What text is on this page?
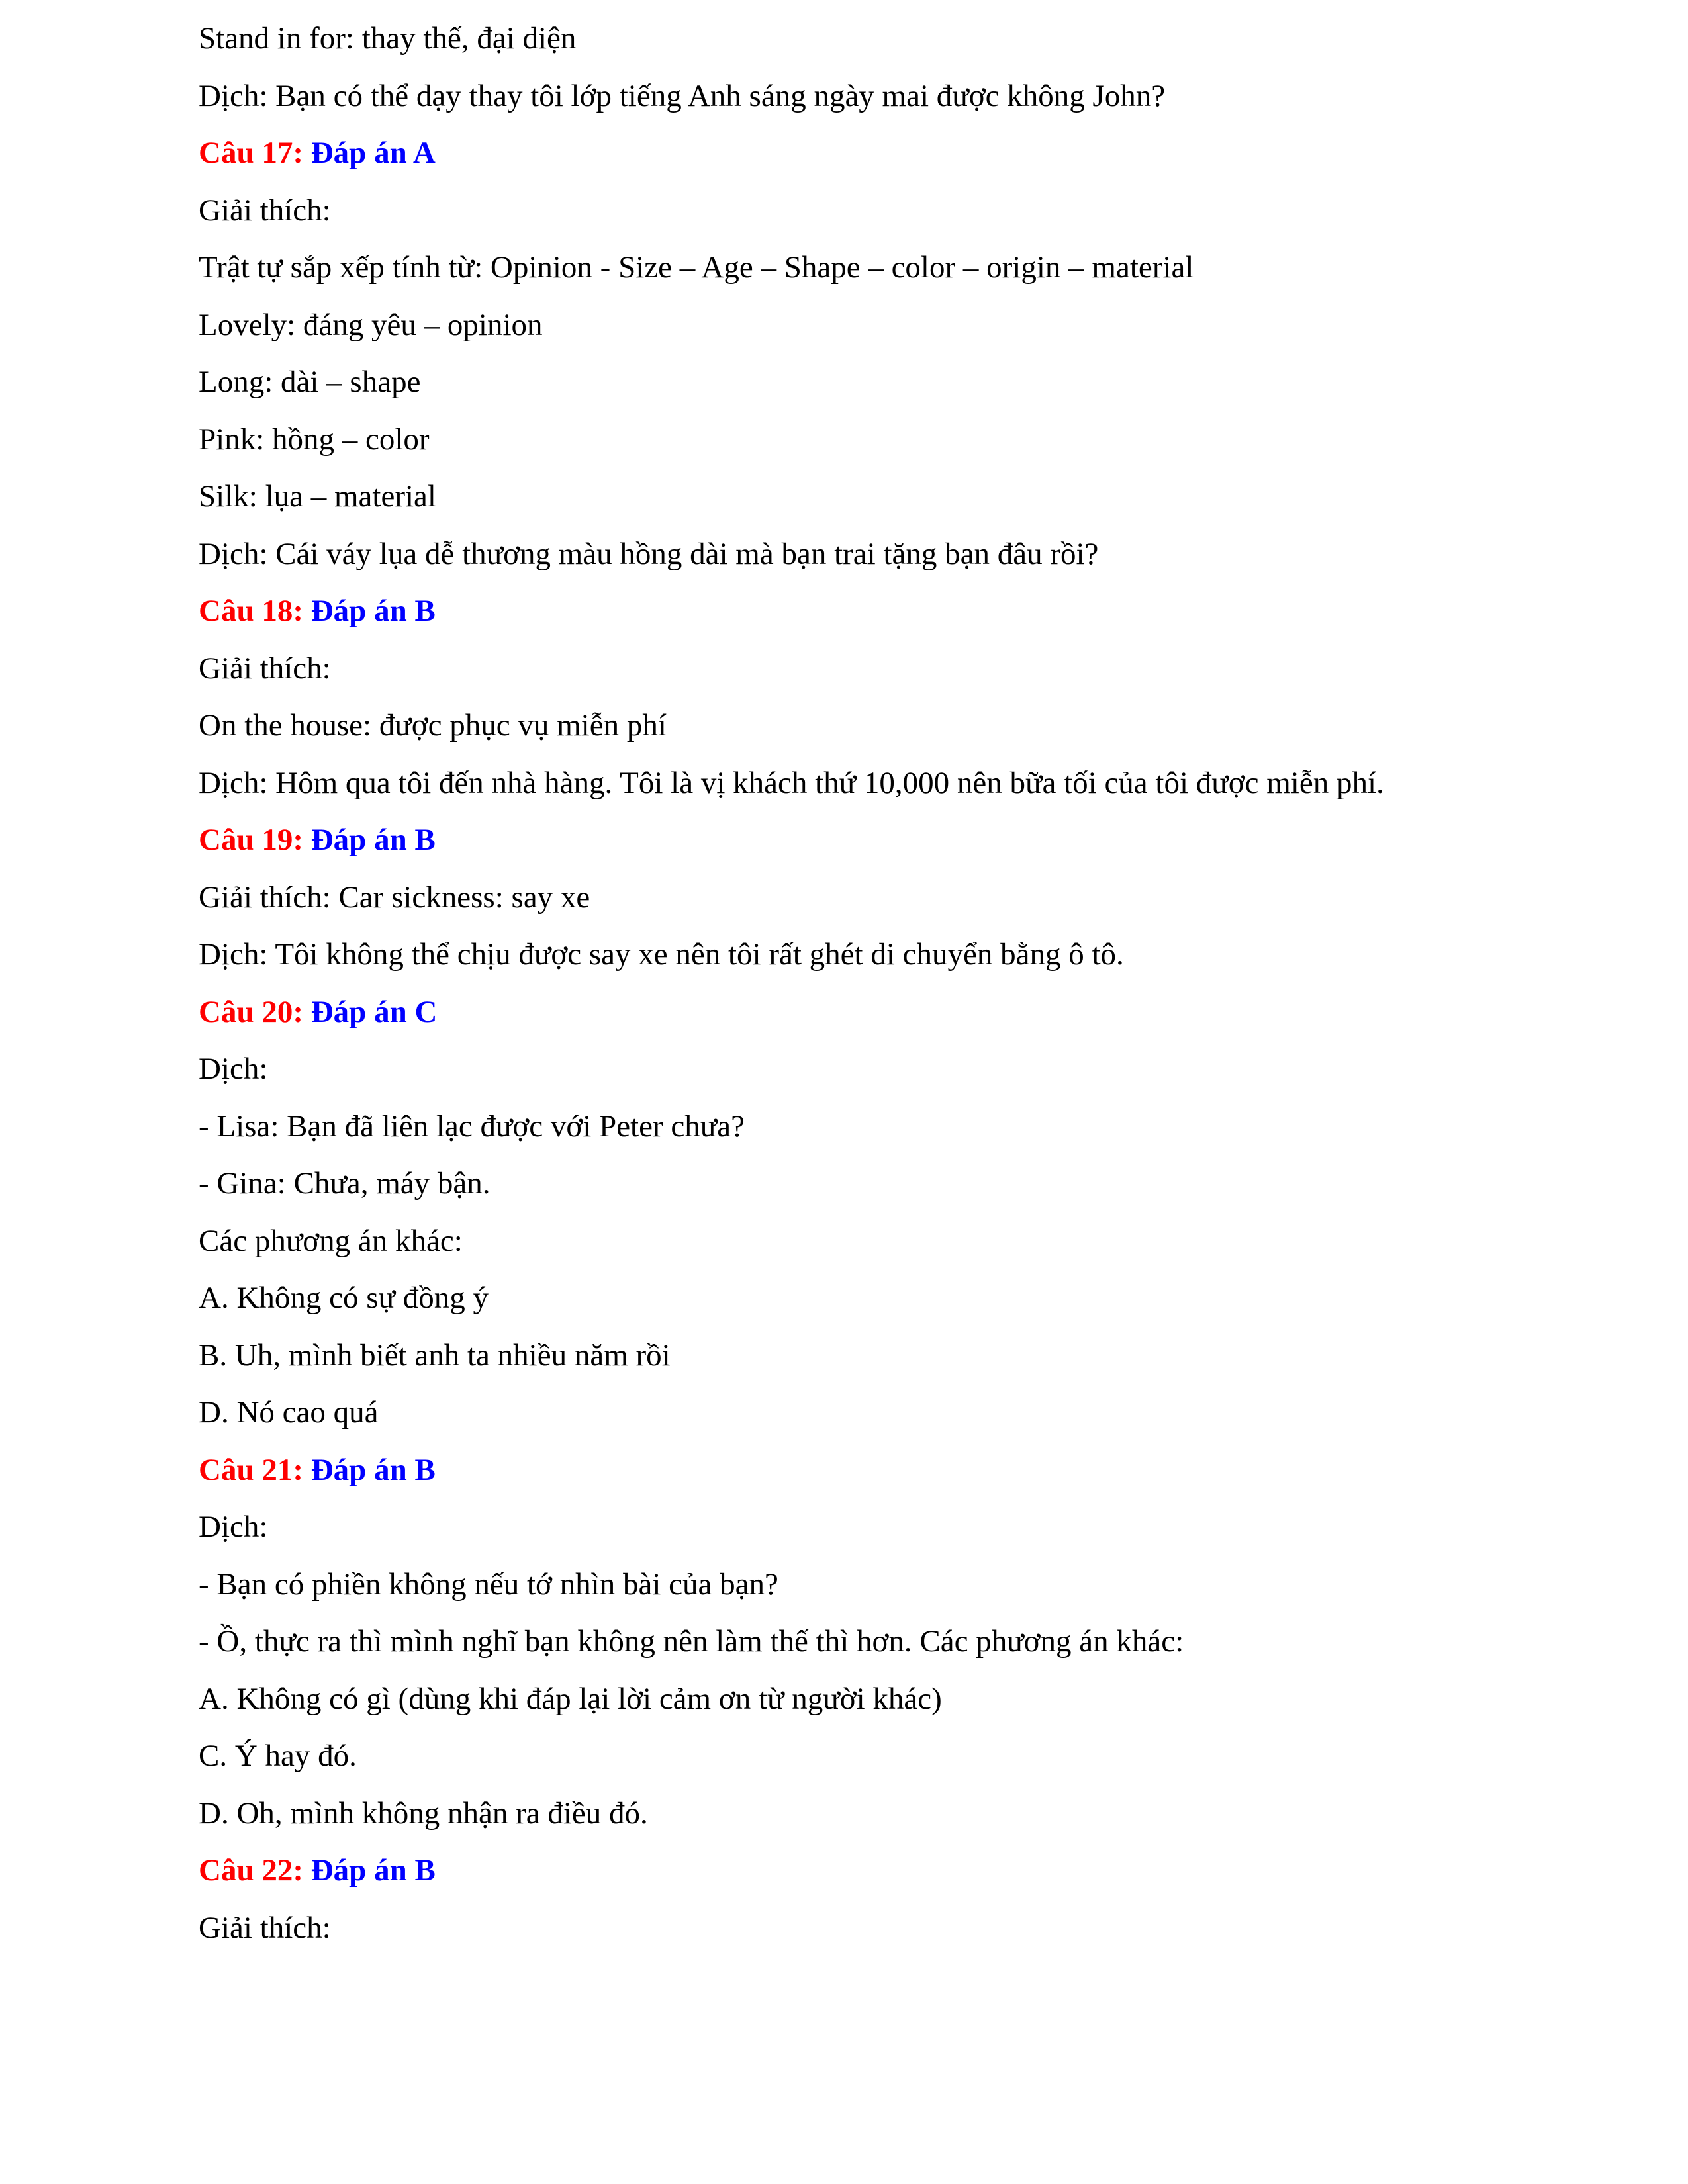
Stand in for: thay thế, đại diện
Dịch: Bạn có thể dạy thay tôi lớp tiếng Anh sáng ngày mai được không John?
Câu 17: Đáp án A
Giải thích:
Trật tự sắp xếp tính từ: Opinion - Size – Age – Shape – color – origin – material
Lovely: đáng yêu – opinion
Long: dài – shape
Pink: hồng – color
Silk: lụa – material
Dịch: Cái váy lụa dễ thương màu hồng dài mà bạn trai tặng bạn đâu rồi?
Câu 18: Đáp án B
Giải thích:
On the house: được phục vụ miễn phí
Dịch: Hôm qua tôi đến nhà hàng. Tôi là vị khách thứ 10,000 nên bữa tối của tôi được miễn phí.
Câu 19: Đáp án B
Giải thích: Car sickness: say xe
Dịch: Tôi không thể chịu được say xe nên tôi rất ghét di chuyển bằng ô tô.
Câu 20: Đáp án C
Dịch:
- Lisa: Bạn đã liên lạc được với Peter chưa?
- Gina: Chưa, máy bận.
Các phương án khác:
A. Không có sự đồng ý
B. Uh, mình biết anh ta nhiều năm rồi
D. Nó cao quá
Câu 21: Đáp án B
Dịch:
- Bạn có phiền không nếu tớ nhìn bài của bạn?
- Ồ, thực ra thì mình nghĩ bạn không nên làm thế thì hơn. Các phương án khác:
A. Không có gì (dùng khi đáp lại lời cảm ơn từ người khác)
C. Ý hay đó.
D. Oh, mình không nhận ra điều đó.
Câu 22: Đáp án B
Giải thích:
